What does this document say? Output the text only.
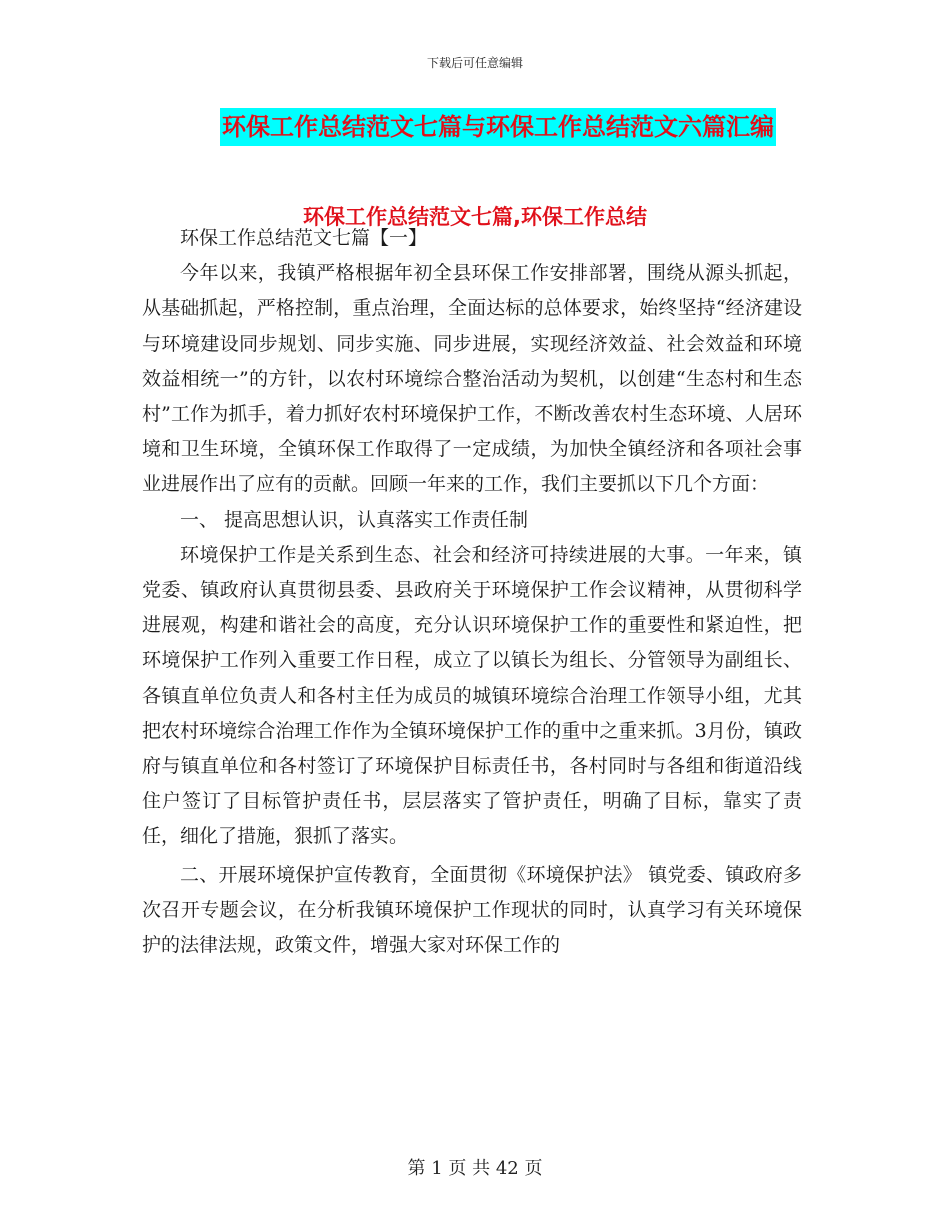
下载后可任意编辑
环保工作总结范文七篇与环保工作总结范文六篇汇编
环保工作总结范文七篇,环保工作总结

环保工作总结范文七篇【一】

今年以来，我镇严格根据年初全县环保工作安排部署，围绕从源头抓起，从基础抓起，严格控制，重点治理，全面达标的总体要求，始终坚持“经济建设与环境建设同步规划、同步实施、同步进展，实现经济效益、社会效益和环境效益相统一”的方针，以农村环境综合整治活动为契机，以创建“生态村和生态村”工作为抓手，着力抓好农村环境保护工作，不断改善农村生态环境、人居环境和卫生环境，全镇环保工作取得了一定成绩，为加快全镇经济和各项社会事业进展作出了应有的贡献。回顾一年来的工作，我们主要抓以下几个方面：

一、 提高思想认识，认真落实工作责任制

环境保护工作是关系到生态、社会和经济可持续进展的大事。一年来，镇党委、镇政府认真贯彻县委、县政府关于环境保护工作会议精神，从贯彻科学进展观，构建和谐社会的高度，充分认识环境保护工作的重要性和紧迫性，把环境保护工作列入重要工作日程，成立了以镇长为组长、分管领导为副组长、各镇直单位负责人和各村主任为成员的城镇环境综合治理工作领导小组，尤其把农村环境综合治理工作作为全镇环境保护工作的重中之重来抓。3月份，镇政府与镇直单位和各村签订了环境保护目标责任书，各村同时与各组和街道沿线住户签订了目标管护责任书，层层落实了管护责任，明确了目标，靠实了责任，细化了措施，狠抓了落实。

二、开展环境保护宣传教育，全面贯彻《环境保护法》 镇党委、镇政府多次召开专题会议，在分析我镇环境保护工作现状的同时，认真学习有关环境保护的法律法规，政策文件，增强大家对环保工作的

第 1 页 共 42 页
